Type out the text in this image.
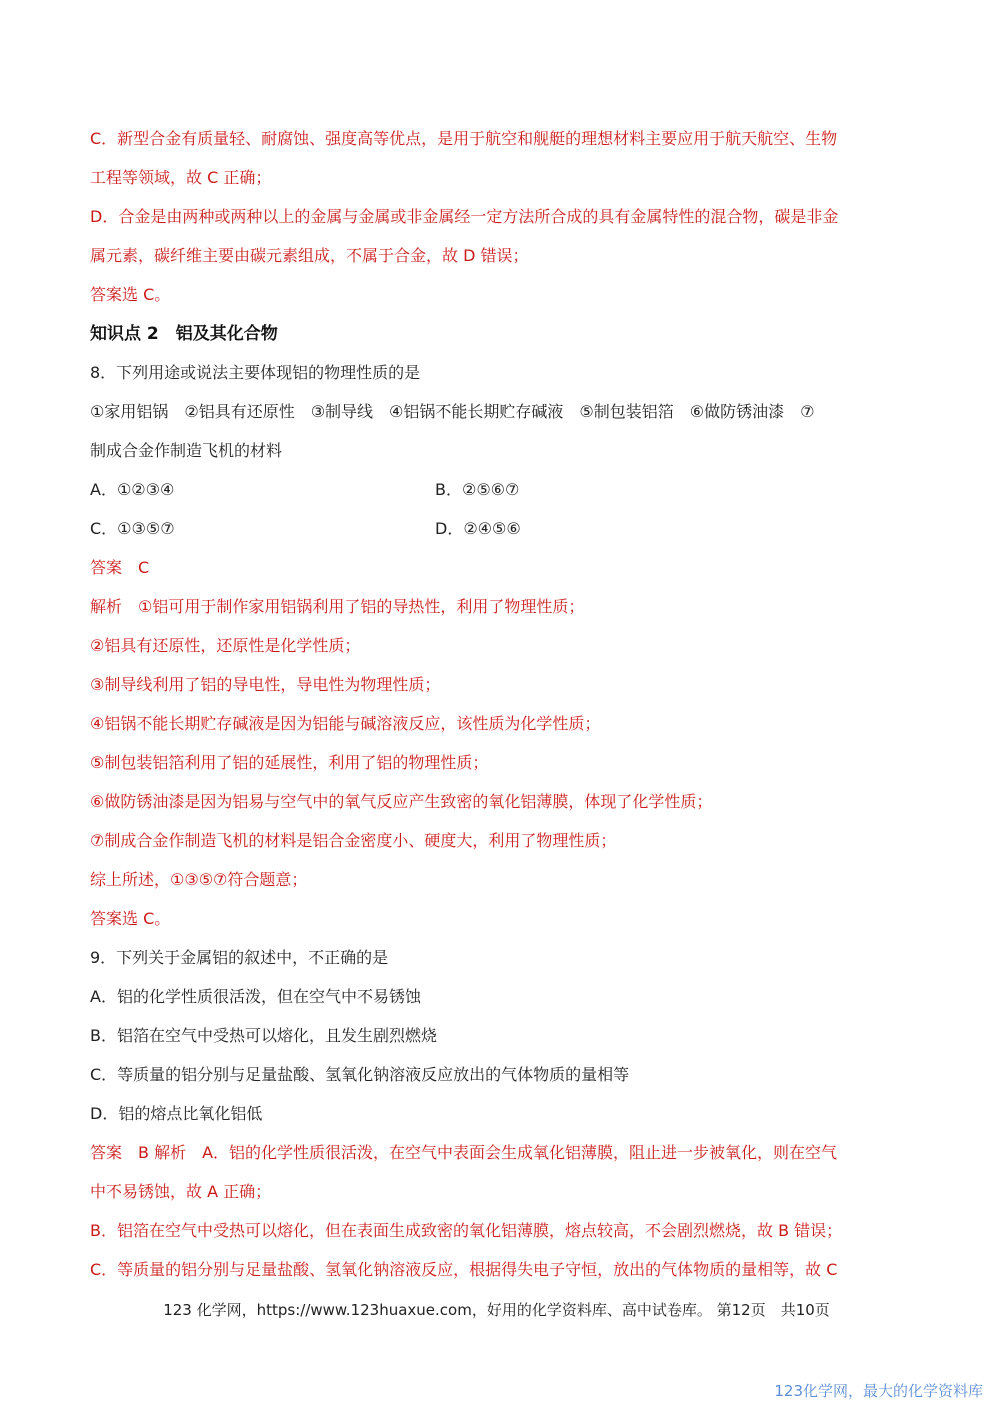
C．新型合金有质量轻、耐腐蚀、强度高等优点，是用于航空和舰艇的理想材料主要应用于航天航空、生物
工程等领域，故 C 正确；
D．合金是由两种或两种以上的金属与金属或非金属经一定方法所合成的具有金属特性的混合物，碳是非金
属元素，碳纤维主要由碳元素组成，不属于合金，故 D 错误；
答案选 C。
知识点 2　铝及其化合物
8．下列用途或说法主要体现铝的物理性质的是
①家用铝锅　②铝具有还原性　③制导线　④铝锅不能长期贮存碱液　⑤制包装铝箔　⑥做防锈油漆　⑦
制成合金作制造飞机的材料
A．①②③④	B．②⑤⑥⑦
C．①③⑤⑦	D．②④⑤⑥
答案　C
解析　①铝可用于制作家用铝锅利用了铝的导热性，利用了物理性质；
②铝具有还原性，还原性是化学性质；
③制导线利用了铝的导电性，导电性为物理性质；
④铝锅不能长期贮存碱液是因为铝能与碱溶液反应，该性质为化学性质；
⑤制包装铝箔利用了铝的延展性，利用了铝的物理性质；
⑥做防锈油漆是因为铝易与空气中的氧气反应产生致密的氧化铝薄膜，体现了化学性质；
⑦制成合金作制造飞机的材料是铝合金密度小、硬度大，利用了物理性质；
综上所述，①③⑤⑦符合题意；
答案选 C。
9．下列关于金属铝的叙述中，不正确的是
A．铝的化学性质很活泼，但在空气中不易锈蚀
B．铝箔在空气中受热可以熔化，且发生剧烈燃烧
C．等质量的铝分别与足量盐酸、氢氧化钠溶液反应放出的气体物质的量相等
D．铝的熔点比氧化铝低
答案　B 解析　A．铝的化学性质很活泼，在空气中表面会生成氧化铝薄膜，阻止进一步被氧化，则在空气
中不易锈蚀，故 A 正确；
B．铝箔在空气中受热可以熔化，但在表面生成致密的氧化铝薄膜，熔点较高，不会剧烈燃烧，故 B 错误；
C．等质量的铝分别与足量盐酸、氢氧化钠溶液反应，根据得失电子守恒，放出的气体物质的量相等，故 C
123 化学网，https://www.123huaxue.com，好用的化学资料库、高中试卷库。 第12页　共10页
123化学网，最大的化学资料库
